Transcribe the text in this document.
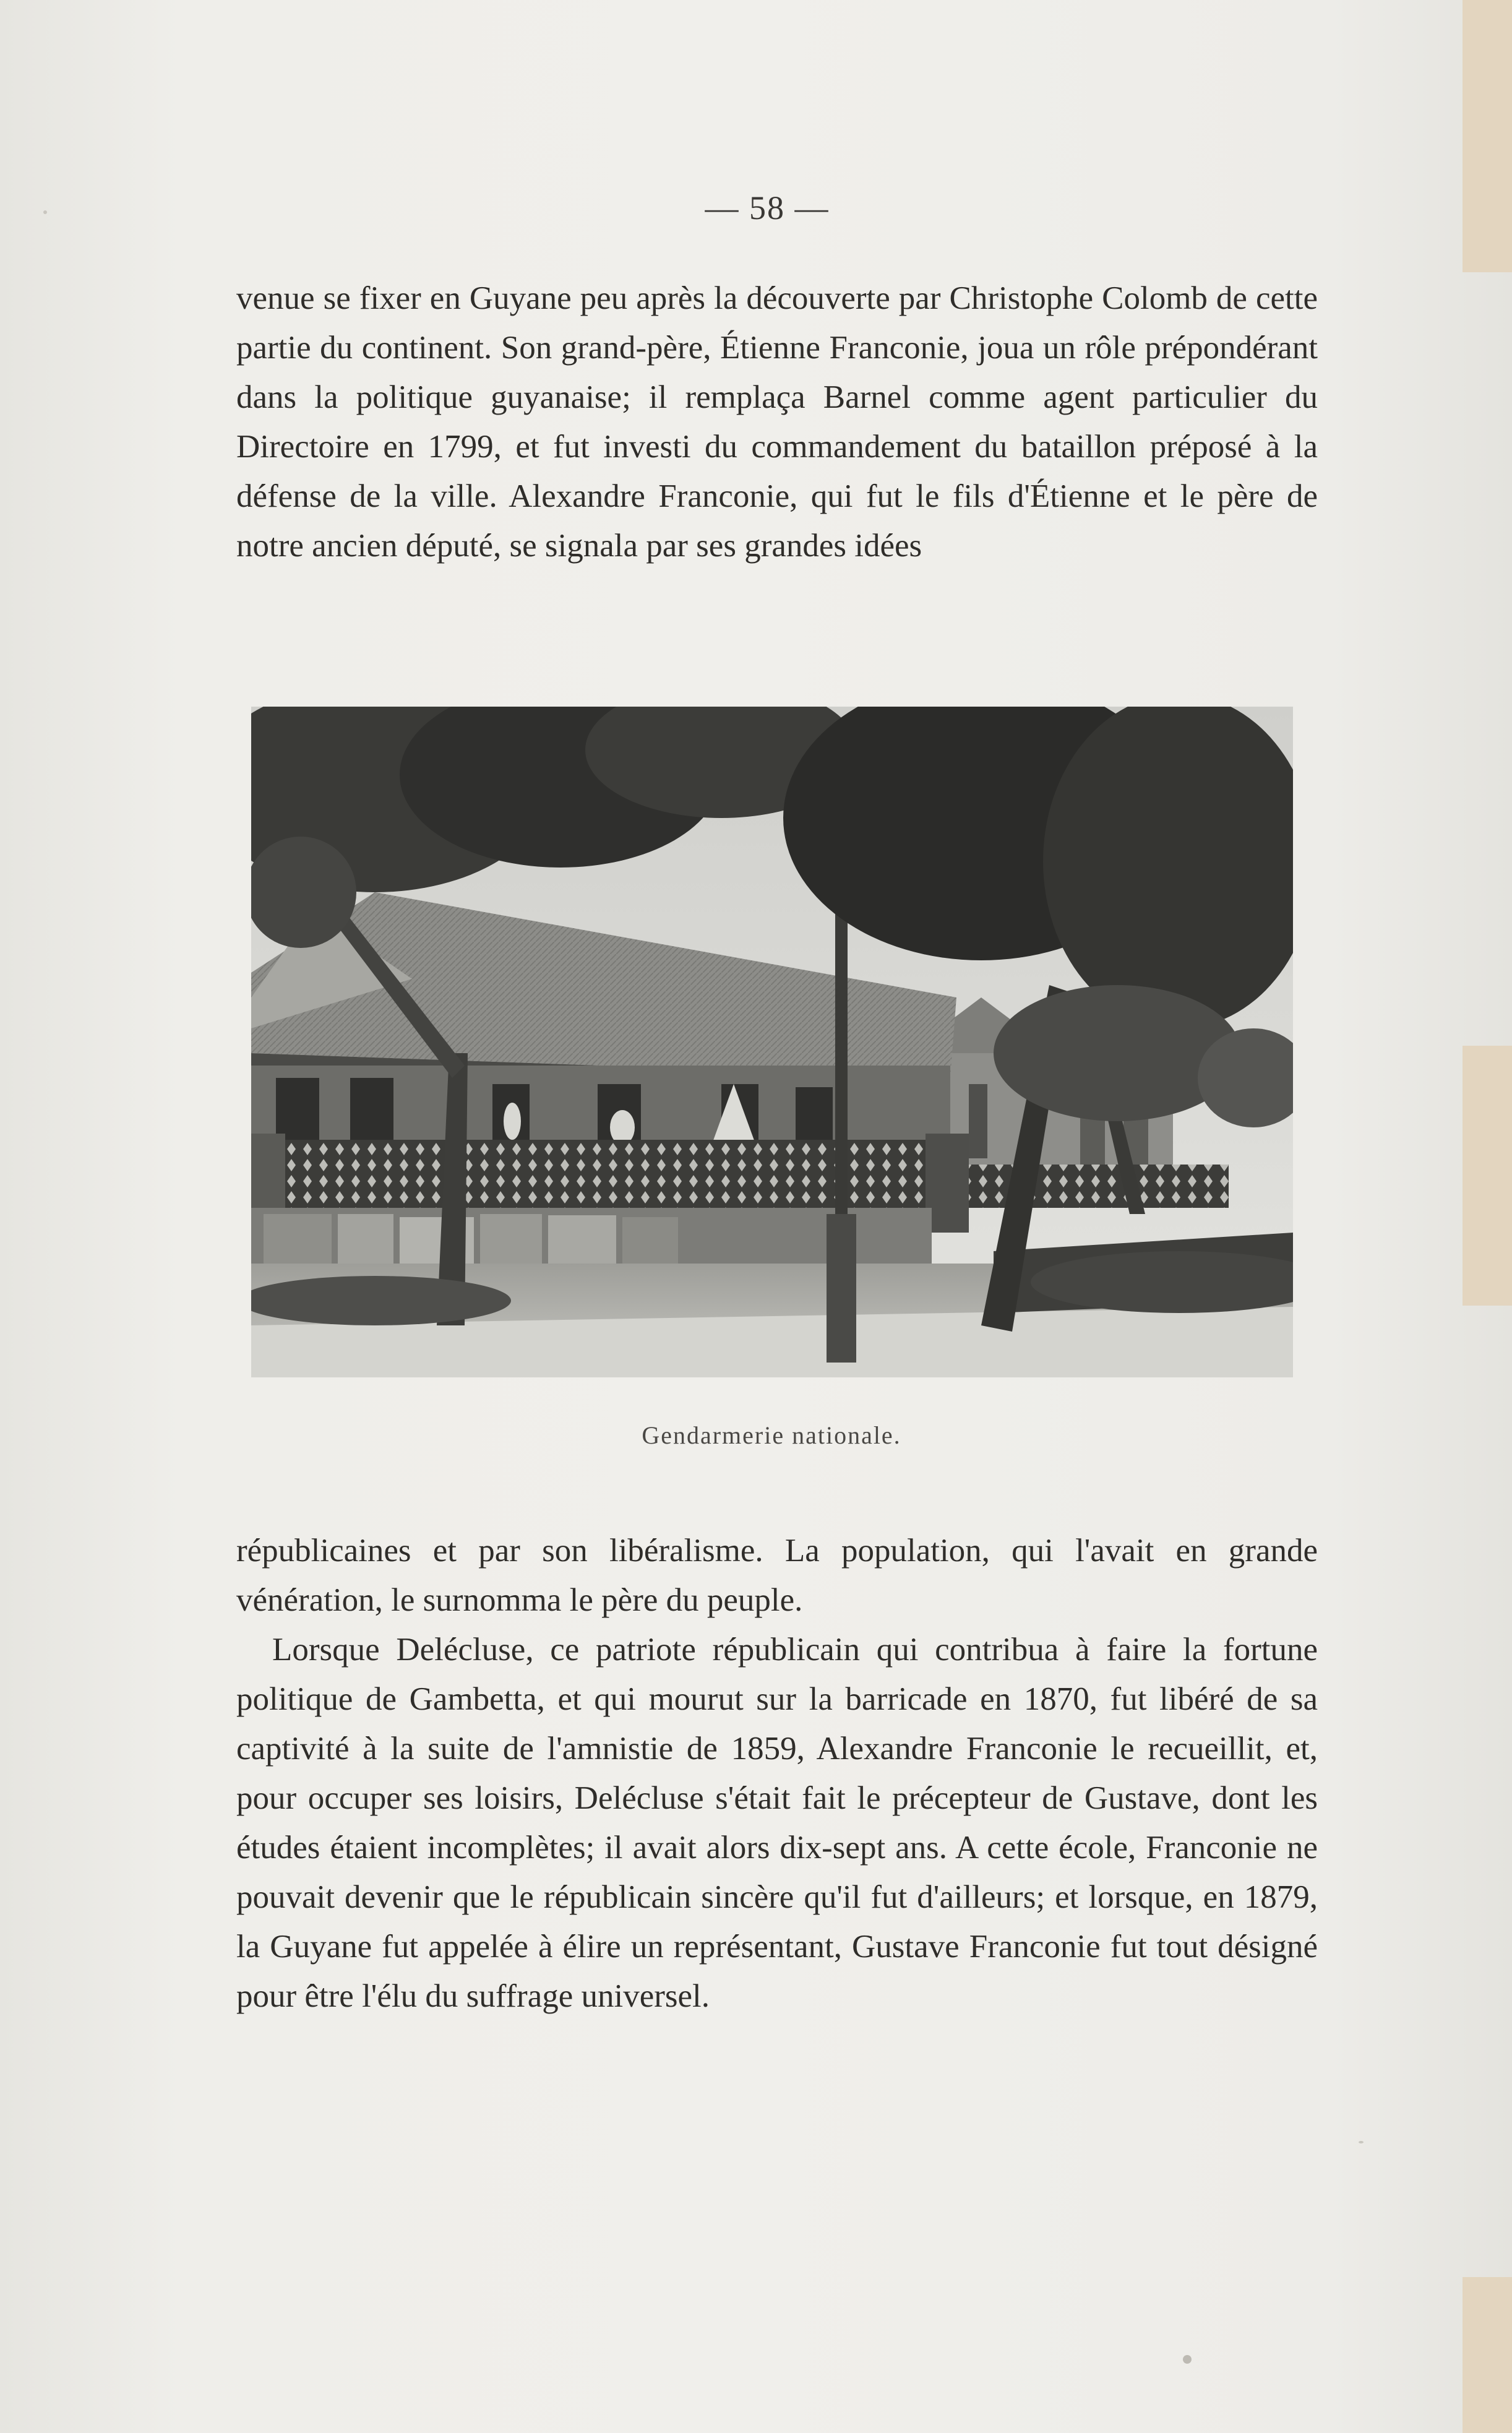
— 58 —

venue se fixer en Guyane peu après la découverte par Christophe Colomb de cette partie du continent. Son grand-père, Étienne Franconie, joua un rôle prépondérant dans la politique guyanaise; il remplaça Barnel comme agent particulier du Directoire en 1799, et fut investi du commandement du bataillon préposé à la défense de la ville. Alexandre Franconie, qui fut le fils d'Étienne et le père de notre ancien député, se signala par ses grandes idées

Gendarmerie nationale.

républicaines et par son libéralisme. La population, qui l'avait en grande vénération, le surnomma le père du peuple.

Lorsque Delécluse, ce patriote républicain qui contribua à faire la fortune politique de Gambetta, et qui mourut sur la barricade en 1870, fut libéré de sa captivité à la suite de l'amnistie de 1859, Alexandre Franconie le recueillit, et, pour occuper ses loisirs, Delécluse s'était fait le précepteur de Gustave, dont les études étaient incomplètes; il avait alors dix-sept ans. A cette école, Franconie ne pouvait devenir que le républicain sincère qu'il fut d'ailleurs; et lorsque, en 1879, la Guyane fut appelée à élire un représentant, Gustave Franconie fut tout désigné pour être l'élu du suffrage universel.
